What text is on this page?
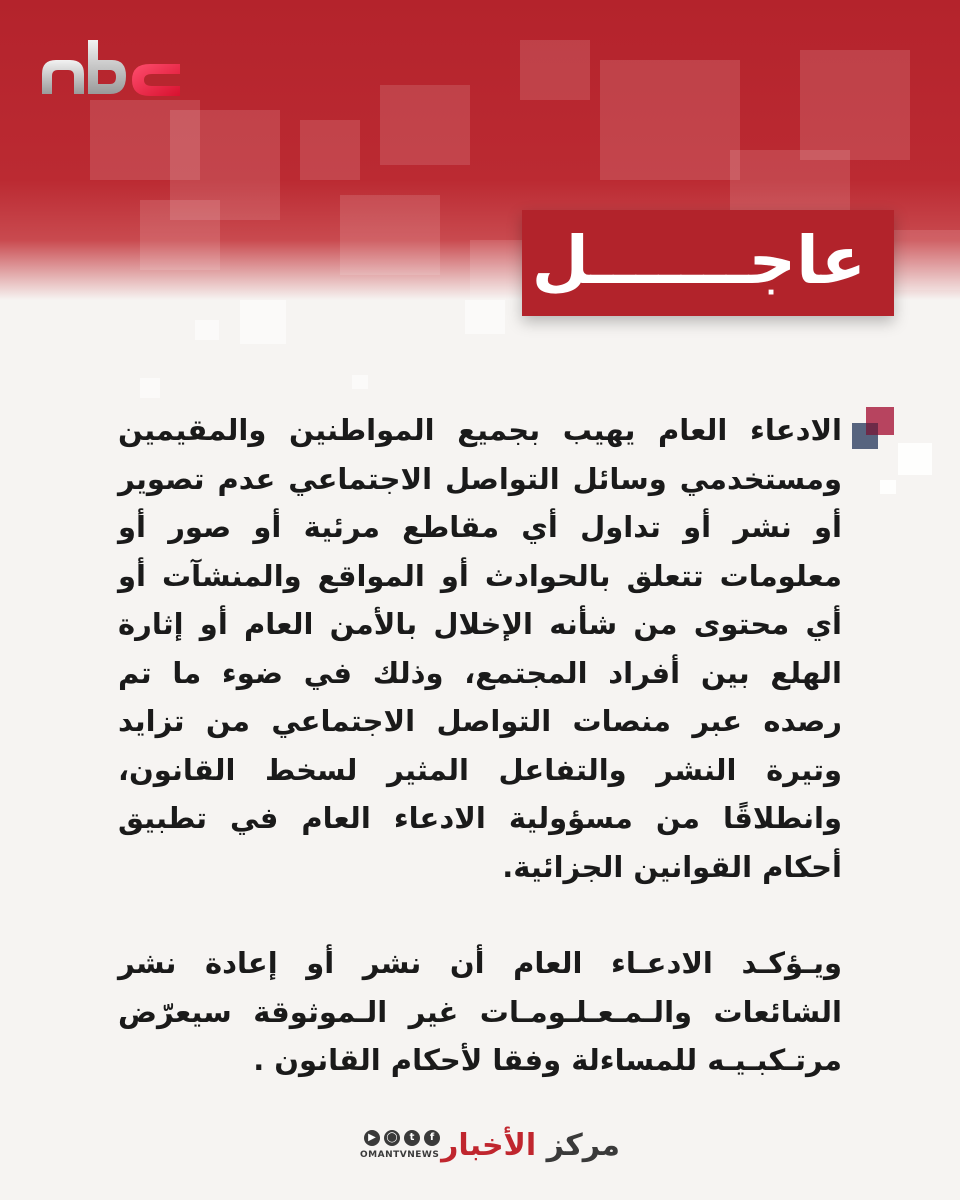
عاجـــــــل
الادعاء العام يهيب بجميع المواطنين والمقيمين ومستخدمي وسائل التواصل الاجتماعي عدم تصوير أو نشر أو تداول أي مقاطع مرئية أو صور أو معلومات تتعلق بالحوادث أو المواقع والمنشآت أو أي محتوى من شأنه الإخلال بالأمن العام أو إثارة الهلع بين أفراد المجتمع، وذلك في ضوء ما تم رصده عبر منصات التواصل الاجتماعي من تزايد وتيرة النشر والتفاعل المثير لسخط القانون، وانطلاقًا من مسؤولية الادعاء العام في تطبيق أحكام القوانين الجزائية.
ويـؤكـد الادعـاء العام أن نشر أو إعادة نشر الشائعات والـمـعـلـومـات غير الـموثوقة سيعرّض مرتـكبـيـه للمساءلة وفقا لأحكام القانون .
مركز الأخبار
▶	◯	t	f
OMANTVNEWS
